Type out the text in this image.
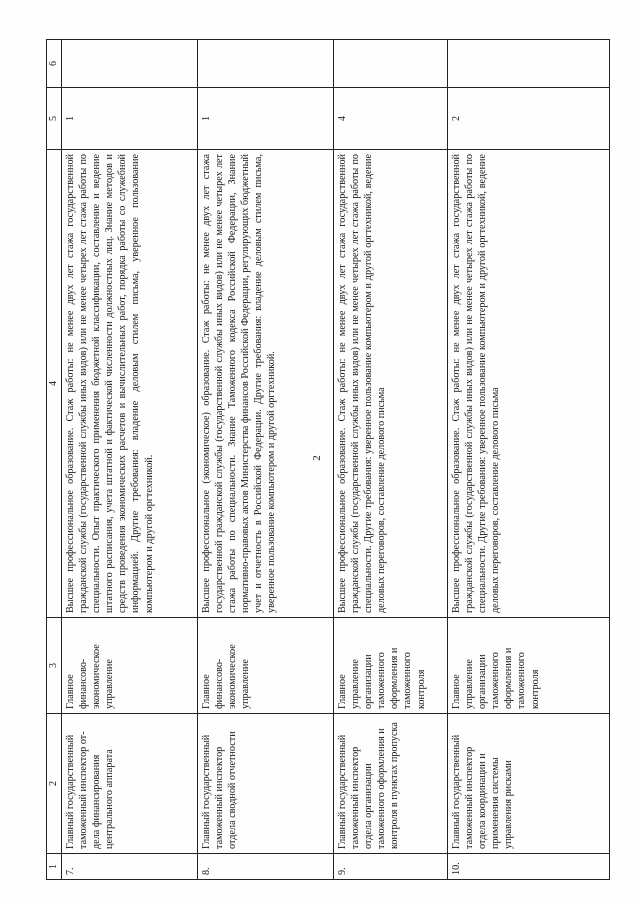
2
1	2	3	4	5	6
7.	Главный государственный таможенный инспектор от-дела финансирования центрального аппарата	Главное финансово-экономическое управление	Высшее профессиональное образование. Стаж работы: не менее двух лет стажа государственной гражданской службы (государственной службы иных видов) или не менее четырех лет стажа работы по специальности. Опыт практического применения бюджетной классификации, составление и ведение штатного расписания, учета штатной и фактической численности должностных лиц. Знание методов и средств проведения экономических расчетов и вычислительных работ, порядка работы со служебной информацией. Другие требования: владение деловым стилем письма, уверенное пользование компьютером и другой оргтехникой.	1	
8.	Главный государственный таможенный инспектор отдела сводной отчетности	Главное финансово-экономическое управление	Высшее профессиональное (экономическое) образование. Стаж работы: не менее двух лет стажа государственной гражданской службы (государственной службы иных видов) или не менее четырех лет стажа работы по специальности. Знание Таможенного кодекса Российской Федерации, Знание нормативно-правовых актов Министерства финансов Российской Федерации, регулирующих бюджетный учет и отчетность в Российской Федерации. Другие требования: владение деловым стилем письма, уверенное пользование компьютером и другой оргтехникой.	1	
9.	Главный государственный таможенный инспектор отдела организации таможенного оформления и контроля в пунктах пропуска	Главное управление организации таможенного оформления и таможенного контроля	Высшее профессиональное образование. Стаж работы: не менее двух лет стажа государственной гражданской службы (государственной службы иных видов) или не менее четырех лет стажа работы по специальности. Другие требования: уверенное пользование компьютером и другой оргтехникой, ведение деловых переговоров, составление делового письма	4	
10.	Главный государственный таможенный инспектор отдела координации и применения системы управления рисками	Главное управление организации таможенного оформления и таможенного контроля	Высшее профессиональное образование. Стаж работы: не менее двух лет стажа государственной гражданской службы (государственной службы иных видов) или не менее четырех лет стажа работы по специальности. Другие требования: уверенное пользование компьютером и другой оргтехникой, ведение деловых переговоров, составление делового письма	2	
